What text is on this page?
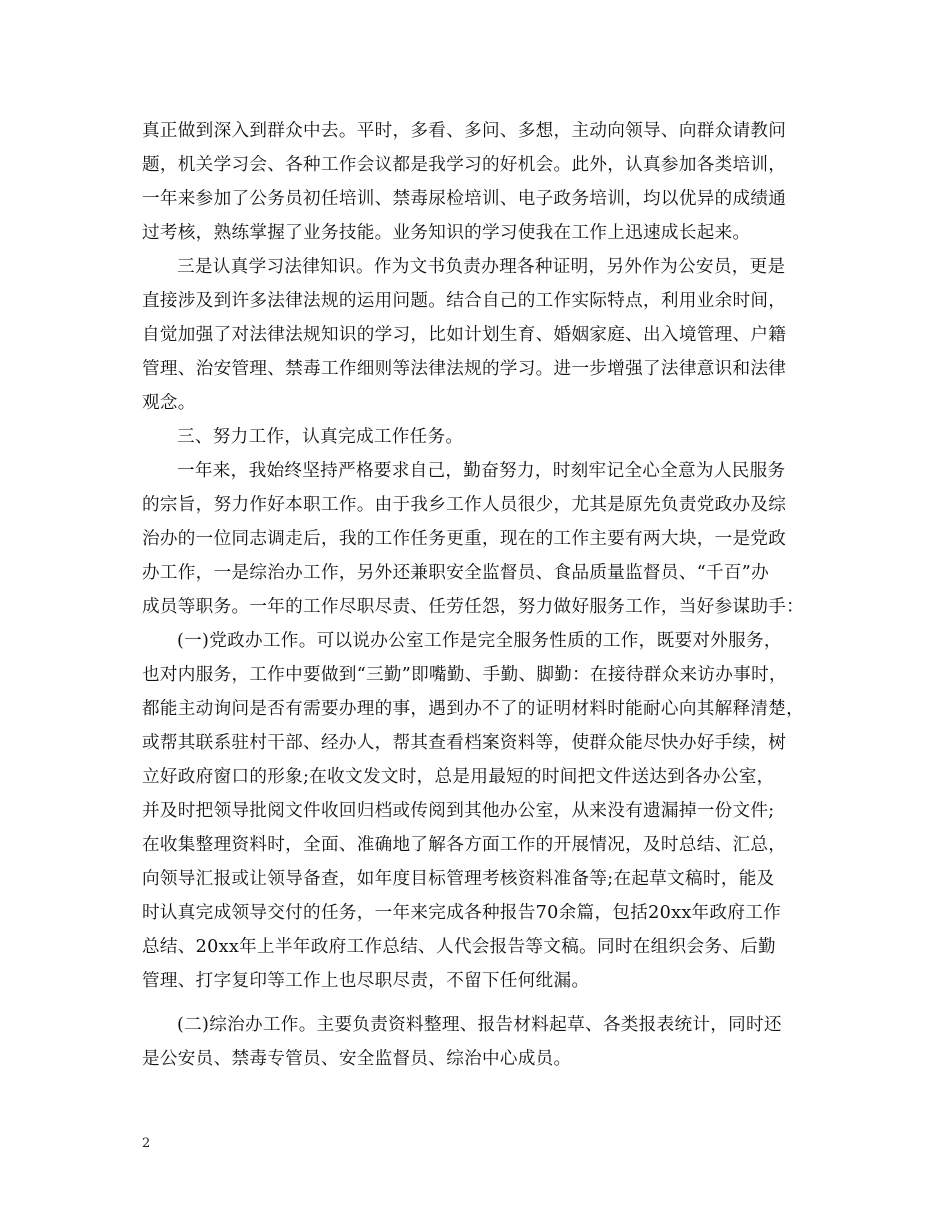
真正做到深入到群众中去。平时，多看、多问、多想，主动向领导、向群众请教问
题，机关学习会、各种工作会议都是我学习的好机会。此外，认真参加各类培训，
一年来参加了公务员初任培训、禁毒尿检培训、电子政务培训，均以优异的成绩通
过考核，熟练掌握了业务技能。业务知识的学习使我在工作上迅速成长起来。
三是认真学习法律知识。作为文书负责办理各种证明，另外作为公安员，更是
直接涉及到许多法律法规的运用问题。结合自己的工作实际特点，利用业余时间，
自觉加强了对法律法规知识的学习，比如计划生育、婚姻家庭、出入境管理、户籍
管理、治安管理、禁毒工作细则等法律法规的学习。进一步增强了法律意识和法律
观念。
三、努力工作，认真完成工作任务。
一年来，我始终坚持严格要求自己，勤奋努力，时刻牢记全心全意为人民服务
的宗旨，努力作好本职工作。由于我乡工作人员很少，尤其是原先负责党政办及综
治办的一位同志调走后，我的工作任务更重，现在的工作主要有两大块，一是党政
办工作，一是综治办工作，另外还兼职安全监督员、食品质量监督员、“千百”办
成员等职务。一年的工作尽职尽责、任劳任怨，努力做好服务工作，当好参谋助手：
(一)党政办工作。可以说办公室工作是完全服务性质的工作，既要对外服务，
也对内服务，工作中要做到“三勤”即嘴勤、手勤、脚勤：在接待群众来访办事时，
都能主动询问是否有需要办理的事，遇到办不了的证明材料时能耐心向其解释清楚，
或帮其联系驻村干部、经办人，帮其查看档案资料等，使群众能尽快办好手续，树
立好政府窗口的形象;在收文发文时，总是用最短的时间把文件送达到各办公室，
并及时把领导批阅文件收回归档或传阅到其他办公室，从来没有遗漏掉一份文件;
在收集整理资料时，全面、准确地了解各方面工作的开展情况，及时总结、汇总，
向领导汇报或让领导备查，如年度目标管理考核资料准备等;在起草文稿时，能及
时认真完成领导交付的任务，一年来完成各种报告70余篇，包括20xx年政府工作
总结、20xx年上半年政府工作总结、人代会报告等文稿。同时在组织会务、后勤
管理、打字复印等工作上也尽职尽责，不留下任何纰漏。
(二)综治办工作。主要负责资料整理、报告材料起草、各类报表统计，同时还
是公安员、禁毒专管员、安全监督员、综治中心成员。
2
